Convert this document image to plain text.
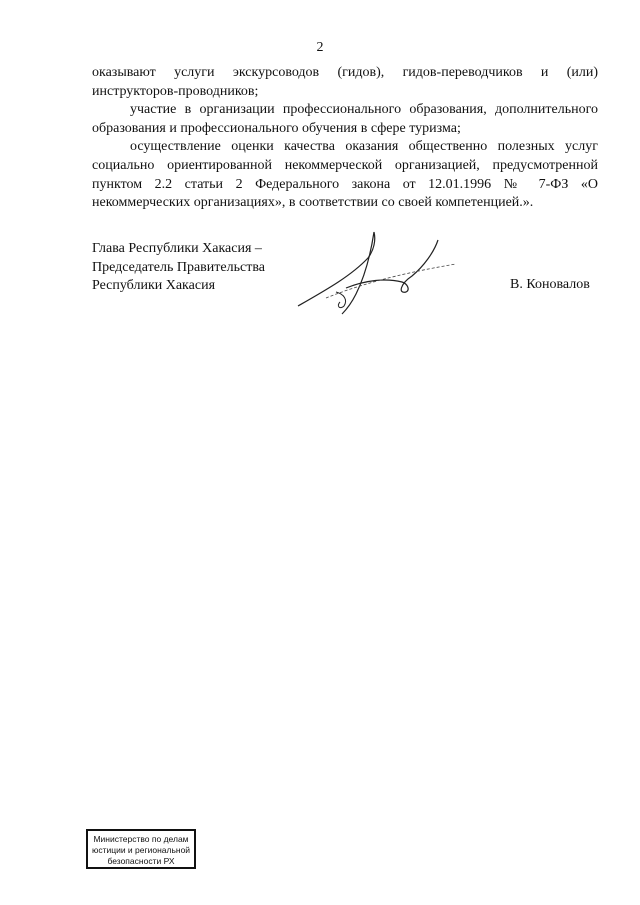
2

оказывают услуги экскурсоводов (гидов), гидов-переводчиков и (или) инструкторов-проводников;

участие в организации профессионального образования, дополнительного образования и профессионального обучения в сфере туризма;

осуществление оценки качества оказания общественно полезных услуг социально ориентированной некоммерческой организацией, предусмотренной пунктом 2.2 статьи 2 Федерального закона от 12.01.1996 № 7-ФЗ «О некоммерческих организациях», в соответствии со своей компетенцией.».

Глава Республики Хакасия –
Председатель Правительства
Республики Хакасия	В. Коновалов
Министерство по делам
юстиции и региональной
безопасности РХ
